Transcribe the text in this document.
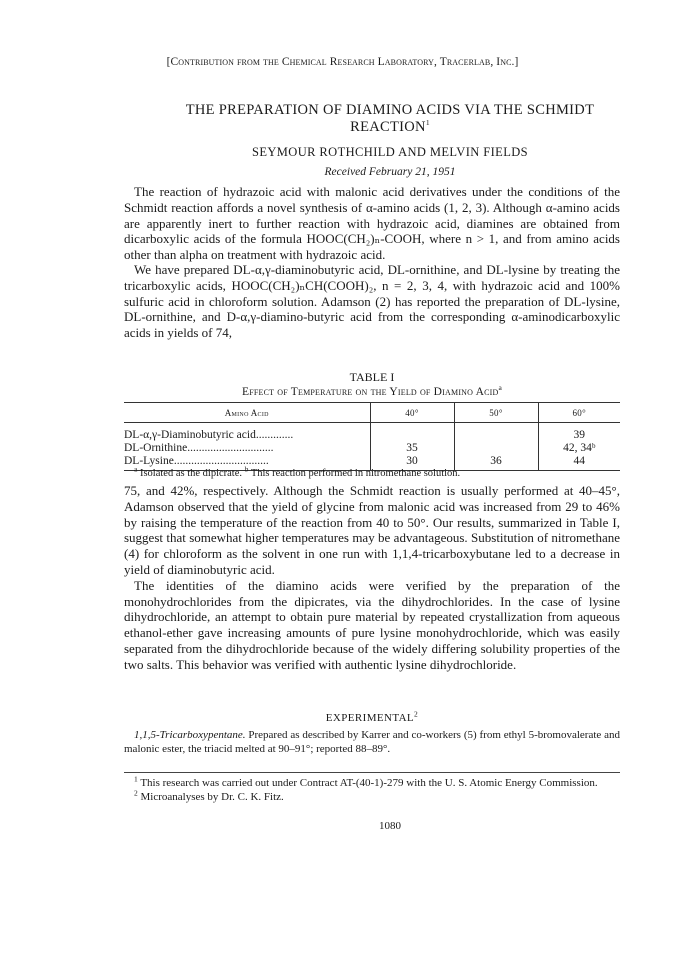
[Contribution from the Chemical Research Laboratory, Tracerlab, Inc.]
THE PREPARATION OF DIAMINO ACIDS VIA THE SCHMIDT REACTION$^1$
SEYMOUR ROTHCHILD AND MELVIN FIELDS
Received February 21, 1951

The reaction of hydrazoic acid with malonic acid derivatives under the conditions of the Schmidt reaction affords a novel synthesis of α-amino acids (1, 2, 3). Although α-amino acids are apparently inert to further reaction with hydrazoic acid, diamines are obtained from dicarboxylic acids of the formula HOOC(CH₂)ₙ-COOH, where n > 1, and from amino acids other than alpha on treatment with hydrazoic acid.

We have prepared DL-α,γ-diaminobutyric acid, DL-ornithine, and DL-lysine by treating the tricarboxylic acids, HOOC(CH₂)ₙCH(COOH)₂, n = 2, 3, 4, with hydrazoic acid and 100% sulfuric acid in chloroform solution. Adamson (2) has reported the preparation of DL-lysine, DL-ornithine, and D-α,γ-diamino-butyric acid from the corresponding α-aminodicarboxylic acids in yields of 74,

TABLE I
Effect of Temperature on the Yield of Diamino Acid$^a$
Amino Acid	40°	50°	60°
DL-α,γ-Diaminobutyric acid.............			39
DL-Ornithine..............................	35		42, 34ᵇ
DL-Lysine.................................	30	36	44
$^a$ Isolated as the dipicrate. $^b$ This reaction performed in nitromethane solution.

75, and 42%, respectively. Although the Schmidt reaction is usually performed at 40–45°, Adamson observed that the yield of glycine from malonic acid was increased from 29 to 46% by raising the temperature of the reaction from 40 to 50°. Our results, summarized in Table I, suggest that somewhat higher temperatures may be advantageous. Substitution of nitromethane (4) for chloroform as the solvent in one run with 1,1,4-tricarboxybutane led to a decrease in yield of diaminobutyric acid.

The identities of the diamino acids were verified by the preparation of the monohydrochlorides from the dipicrates, via the dihydrochlorides. In the case of lysine dihydrochloride, an attempt to obtain pure material by repeated crystallization from aqueous ethanol-ether gave increasing amounts of pure lysine monohydrochloride, which was easily separated from the dihydrochloride because of the widely differing solubility properties of the two salts. This behavior was verified with authentic lysine dihydrochloride.

EXPERIMENTAL$^2$
1,1,5-Tricarboxypentane. Prepared as described by Karrer and co-workers (5) from ethyl 5-bromovalerate and malonic ester, the triacid melted at 90–91°; reported 88–89°.
$^1$ This research was carried out under Contract AT-(40-1)-279 with the U. S. Atomic Energy Commission.
$^2$ Microanalyses by Dr. C. K. Fitz.
1080
